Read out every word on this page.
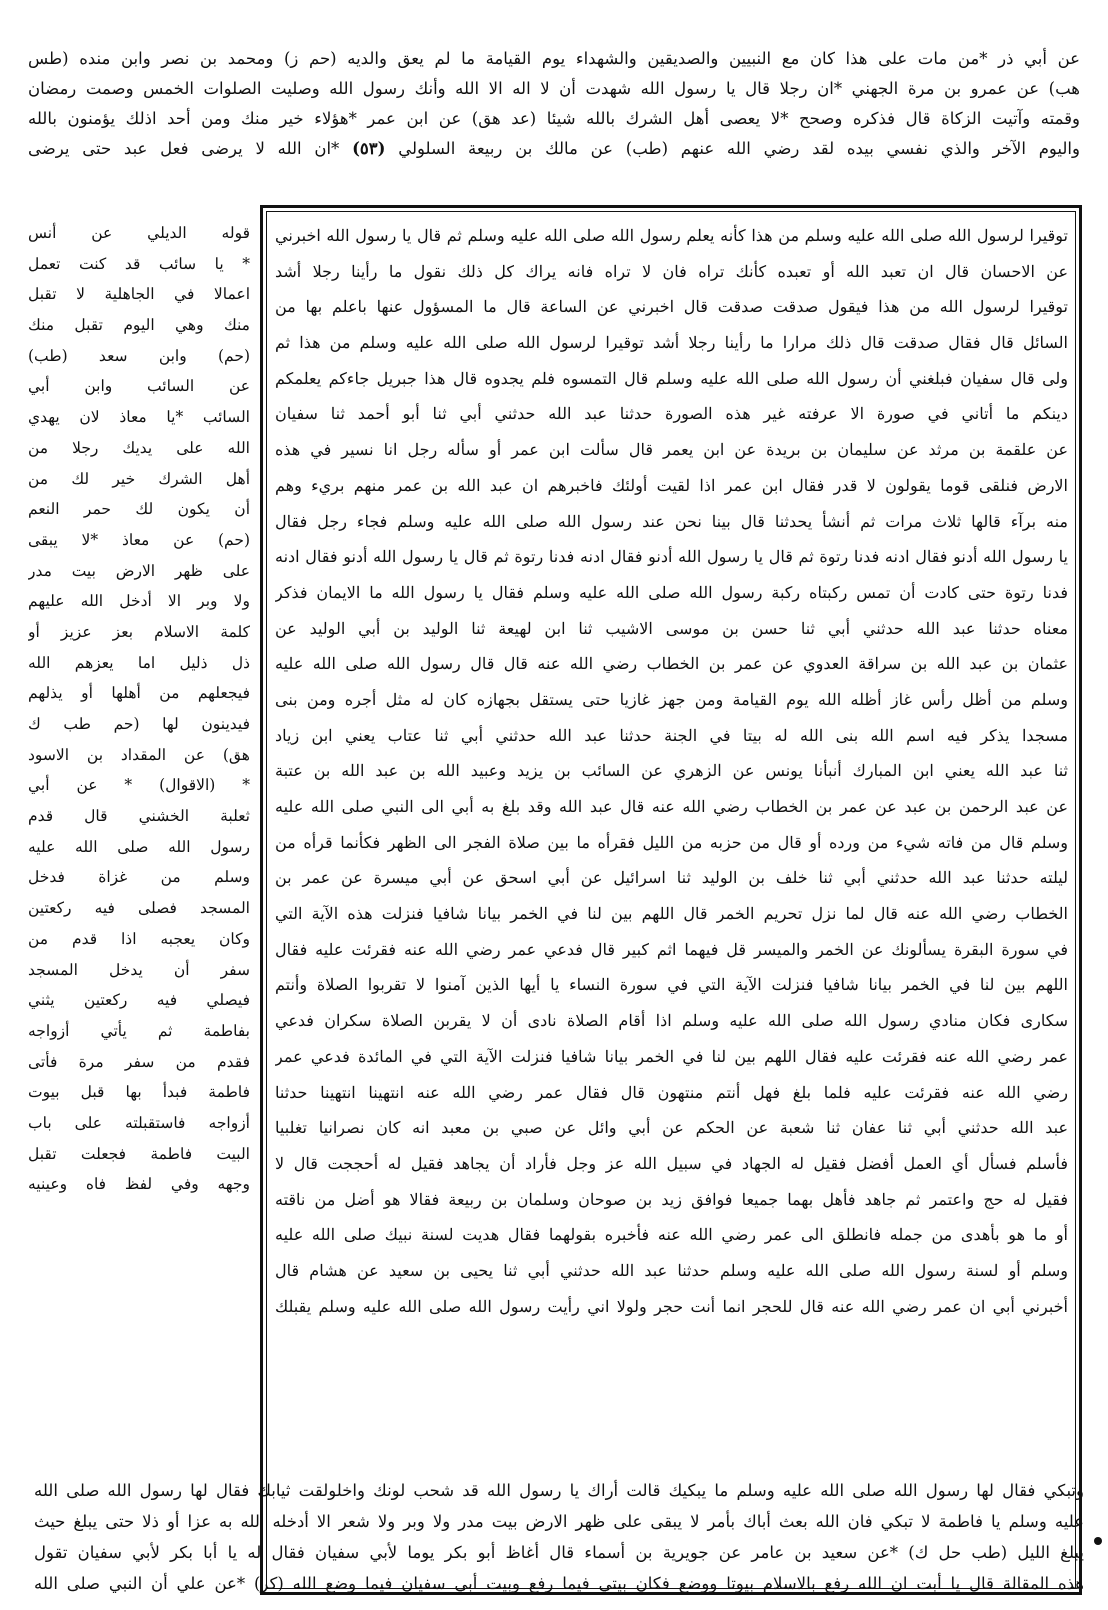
عن أبي ذر *من مات على هذا كان مع النبيين والصديقين والشهداء يوم القيامة ما لم يعق والديه (حم ز) ومحمد بن نصر وابن منده (طس
هب) عن عمرو بن مرة الجهني *ان رجلا قال يا رسول الله شهدت أن لا اله الا الله وأنك رسول الله وصليت الصلوات الخمس وصمت رمضان
وقمته وآتيت الزكاة قال فذكره وصحح *لا يعصى أهل الشرك بالله شيئا (عد هق) عن ابن عمر *هؤلاء خير منك ومن أحد اذلك يؤمنون بالله
واليوم الآخر والذي نفسي بيده لقد رضي الله عنهم (طب) عن مالك بن ربيعة السلولي (٥٣) *ان الله لا يرضى فعل عبد حتى يرضى
توقيرا لرسول الله صلى الله عليه وسلم من هذا كأنه يعلم رسول الله صلى الله عليه وسلم ثم قال يا رسول الله اخبرني
عن الاحسان قال ان تعبد الله أو تعبده كأنك تراه فان لا تراه فانه يراك كل ذلك نقول ما رأينا رجلا أشد
توقيرا لرسول الله من هذا فيقول صدقت صدقت قال اخبرني عن الساعة قال ما المسؤول عنها باعلم بها من
السائل قال فقال صدقت قال ذلك مرارا ما رأينا رجلا أشد توقيرا لرسول الله صلى الله عليه وسلم من هذا ثم
ولى قال سفيان فبلغني أن رسول الله صلى الله عليه وسلم قال التمسوه فلم يجدوه قال هذا جبريل جاءكم يعلمكم
دينكم ما أتاني في صورة الا عرفته غير هذه الصورة حدثنا عبد الله حدثني أبي ثنا أبو أحمد ثنا سفيان
عن علقمة بن مرثد عن سليمان بن بريدة عن ابن يعمر قال سألت ابن عمر أو سأله رجل انا نسير في هذه
الارض فنلقى قوما يقولون لا قدر فقال ابن عمر اذا لقيت أولئك فاخبرهم ان عبد الله بن عمر منهم بريء وهم
منه برآء قالها ثلاث مرات ثم أنشأ يحدثنا قال بينا نحن عند رسول الله صلى الله عليه وسلم فجاء رجل فقال
يا رسول الله أدنو فقال ادنه فدنا رتوة ثم قال يا رسول الله أدنو فقال ادنه فدنا رتوة ثم قال يا رسول الله أدنو فقال ادنه
فدنا رتوة حتى كادت أن تمس ركبتاه ركبة رسول الله صلى الله عليه وسلم فقال يا رسول الله ما الايمان فذكر
معناه حدثنا عبد الله حدثني أبي ثنا حسن بن موسى الاشيب ثنا ابن لهيعة ثنا الوليد بن أبي الوليد عن
عثمان بن عبد الله بن سراقة العدوي عن عمر بن الخطاب رضي الله عنه قال قال رسول الله صلى الله عليه
وسلم من أظل رأس غاز أظله الله يوم القيامة ومن جهز غازيا حتى يستقل بجهازه كان له مثل أجره ومن بنى
مسجدا يذكر فيه اسم الله بنى الله له بيتا في الجنة حدثنا عبد الله حدثني أبي ثنا عتاب يعني ابن زياد
ثنا عبد الله يعني ابن المبارك أنبأنا يونس عن الزهري عن السائب بن يزيد وعبيد الله بن عبد الله بن عتبة
عن عبد الرحمن بن عبد عن عمر بن الخطاب رضي الله عنه قال عبد الله وقد بلغ به أبي الى النبي صلى الله عليه
وسلم قال من فاته شيء من ورده أو قال من حزبه من الليل فقرأه ما بين صلاة الفجر الى الظهر فكأنما قرأه من
ليلته حدثنا عبد الله حدثني أبي ثنا خلف بن الوليد ثنا اسرائيل عن أبي اسحق عن أبي ميسرة عن عمر بن
الخطاب رضي الله عنه قال لما نزل تحريم الخمر قال اللهم بين لنا في الخمر بيانا شافيا فنزلت هذه الآية التي
في سورة البقرة يسألونك عن الخمر والميسر قل فيهما اثم كبير قال فدعي عمر رضي الله عنه فقرئت عليه فقال
اللهم بين لنا في الخمر بيانا شافيا فنزلت الآية التي في سورة النساء يا أيها الذين آمنوا لا تقربوا الصلاة وأنتم
سكارى فكان منادي رسول الله صلى الله عليه وسلم اذا أقام الصلاة نادى أن لا يقربن الصلاة سكران فدعي
عمر رضي الله عنه فقرئت عليه فقال اللهم بين لنا في الخمر بيانا شافيا فنزلت الآية التي في المائدة فدعي عمر
رضي الله عنه فقرئت عليه فلما بلغ فهل أنتم منتهون قال فقال عمر رضي الله عنه انتهينا انتهينا حدثنا
عبد الله حدثني أبي ثنا عفان ثنا شعبة عن الحكم عن أبي وائل عن صبي بن معبد انه كان نصرانيا تغلبيا
فأسلم فسأل أي العمل أفضل فقيل له الجهاد في سبيل الله عز وجل فأراد أن يجاهد فقيل له أحججت قال لا
فقيل له حج واعتمر ثم جاهد فأهل بهما جميعا فوافق زيد بن صوحان وسلمان بن ربيعة فقالا هو أضل من ناقته
أو ما هو بأهدى من جمله فانطلق الى عمر رضي الله عنه فأخبره بقولهما فقال هديت لسنة نبيك صلى الله عليه
وسلم أو لسنة رسول الله صلى الله عليه وسلم حدثنا عبد الله حدثني أبي ثنا يحيى بن سعيد عن هشام قال
أخبرني أبي ان عمر رضي الله عنه قال للحجر انما أنت حجر ولولا اني رأيت رسول الله صلى الله عليه وسلم يقبلك
قوله الديلي عن أنس
* يا سائب قد كنت تعمل
اعمالا في الجاهلية لا تقبل
منك وهي اليوم تقبل منك
(حم) وابن سعد (طب)
عن السائب وابن أبي
السائب *يا معاذ لان يهدي
الله على يديك رجلا من
أهل الشرك خير لك من
أن يكون لك حمر النعم
(حم) عن معاذ *لا يبقى
على ظهر الارض بيت مدر
ولا وبر الا أدخل الله عليهم
كلمة الاسلام بعز عزيز أو
ذل ذليل اما يعزهم الله
فيجعلهم من أهلها أو يذلهم
فيدينون لها (حم طب ك
هق) عن المقداد بن الاسود
* (الاقوال) * عن أبي
ثعلبة الخشني قال قدم
رسول الله صلى الله عليه
وسلم من غزاة فدخل
المسجد فصلى فيه ركعتين
وكان يعجبه اذا قدم من
سفر أن يدخل المسجد
فيصلي فيه ركعتين يثني
بفاطمة ثم يأتي أزواجه
فقدم من سفر مرة فأتى
فاطمة فبدأ بها قبل بيوت
أزواجه فاستقبلته على باب
البيت فاطمة فجعلت تقبل
وجهه وفي لفظ فاه وعينيه
وتبكي فقال لها رسول الله صلى الله عليه وسلم ما يبكيك قالت أراك يا رسول الله قد شحب لونك واخلولقت ثيابك فقال لها رسول الله صلى الله
عليه وسلم يا فاطمة لا تبكي فان الله بعث أباك بأمر لا يبقى على ظهر الارض بيت مدر ولا وبر ولا شعر الا أدخله الله به عزا أو ذلا حتى يبلغ حيث
يبلغ الليل (طب حل ك) *عن سعيد بن عامر عن جويرية بن أسماء قال أغاظ أبو بكر يوما لأبي سفيان فقال له يا أبا بكر لأبي سفيان تقول
هذه المقالة قال يا أبت ان الله رفع بالاسلام بيوتا ووضع فكان بيتي فيما رفع وبيت أبي سفيان فيما وضع الله (كر) *عن علي أن النبي صلى الله
